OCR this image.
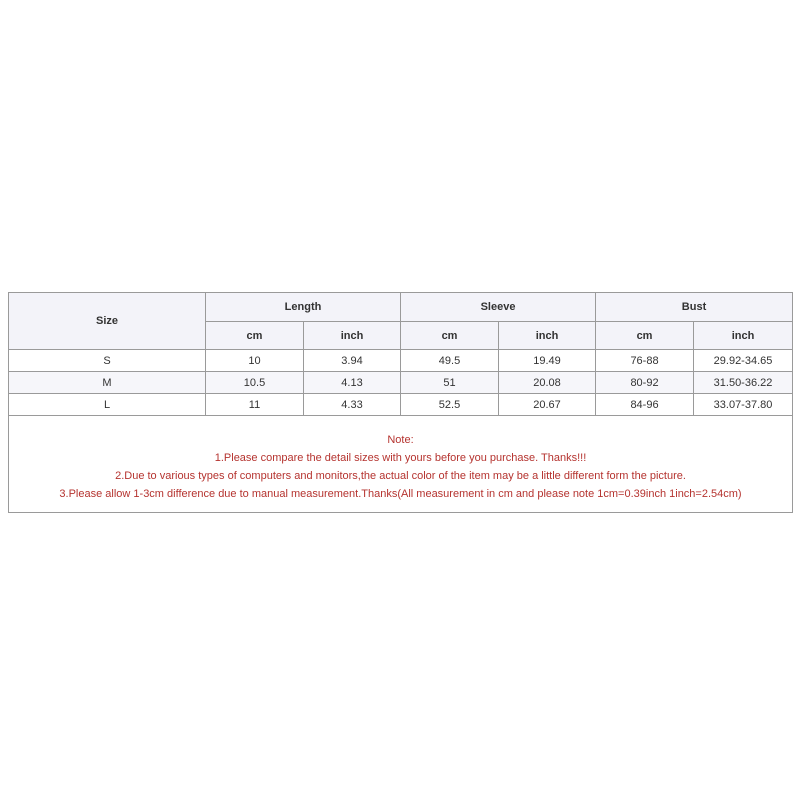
Size	Length		Sleeve		Bust	
	cm	inch	cm	inch	cm	inch
S	10	3.94	49.5	19.49	76-88	29.92-34.65
M	10.5	4.13	51	20.08	80-92	31.50-36.22
L	11	4.33	52.5	20.67	84-96	33.07-37.80

Note:
1.Please compare the detail sizes with yours before you purchase. Thanks!!!
2.Due to various types of computers and monitors,the actual color of the item may be a little different form the picture.
3.Please allow 1-3cm difference due to manual measurement.Thanks(All measurement in cm and please note 1cm=0.39inch 1inch=2.54cm)						
